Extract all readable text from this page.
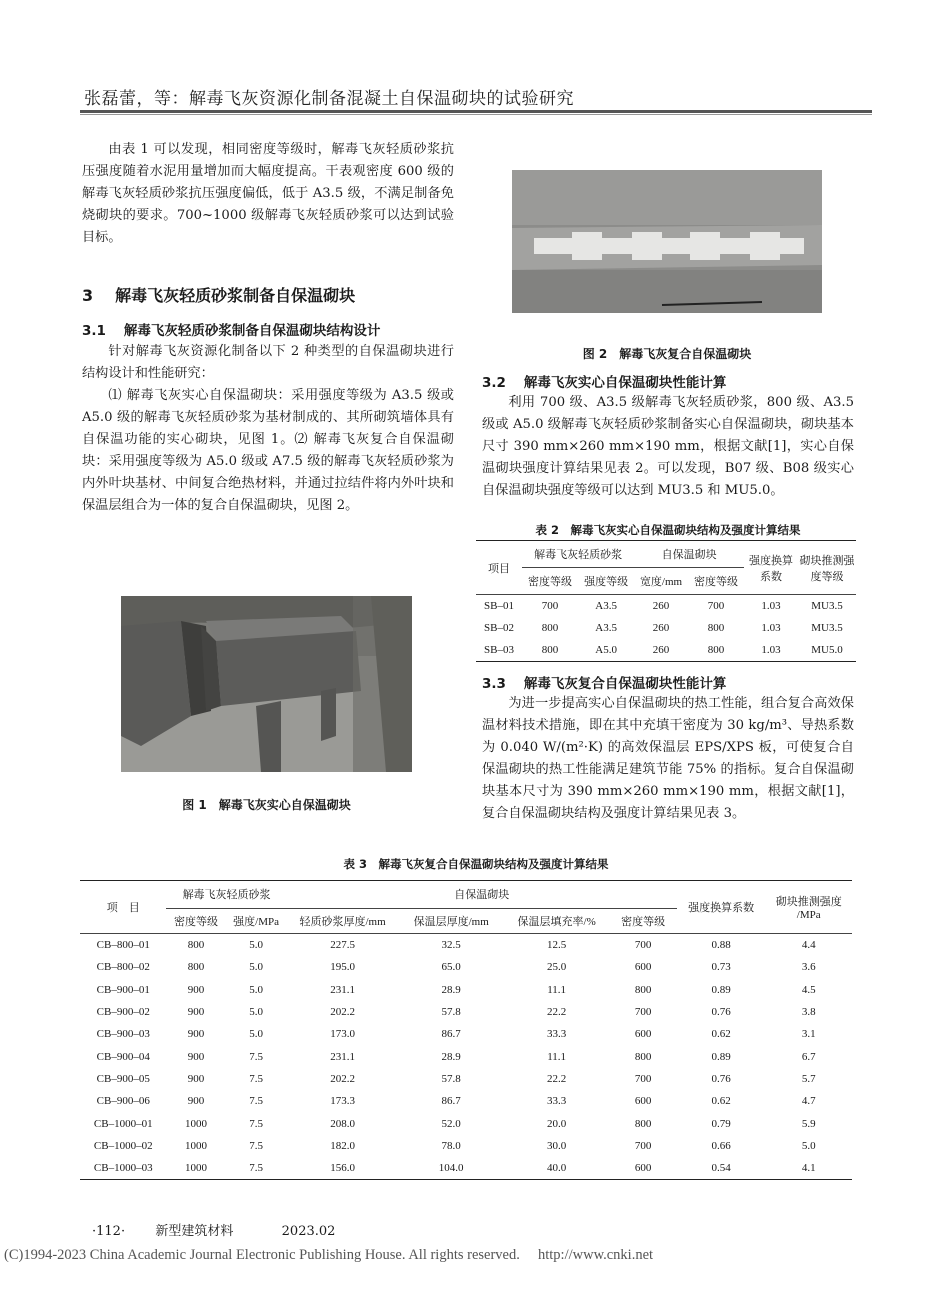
张磊蕾，等：解毒飞灰资源化制备混凝土自保温砌块的试验研究

由表 1 可以发现，相同密度等级时，解毒飞灰轻质砂浆抗压强度随着水泥用量增加而大幅度提高。干表观密度 600 级的解毒飞灰轻质砂浆抗压强度偏低，低于 A3.5 级，不满足制备免烧砌块的要求。700~1000 级解毒飞灰轻质砂浆可以达到试验目标。

3 解毒飞灰轻质砂浆制备自保温砌块
3.1 解毒飞灰轻质砂浆制备自保温砌块结构设计

针对解毒飞灰资源化制备以下 2 种类型的自保温砌块进行结构设计和性能研究：

⑴ 解毒飞灰实心自保温砌块：采用强度等级为 A3.5 级或 A5.0 级的解毒飞灰轻质砂浆为基材制成的、其所砌筑墙体具有自保温功能的实心砌块，见图 1。⑵ 解毒飞灰复合自保温砌块：采用强度等级为 A5.0 级或 A7.5 级的解毒飞灰轻质砂浆为内外叶块基材、中间复合绝热材料，并通过拉结件将内外叶块和保温层组合为一体的复合自保温砌块，见图 2。

图 1　解毒飞灰实心自保温砌块
图 2　解毒飞灰复合自保温砌块
3.2 解毒飞灰实心自保温砌块性能计算

利用 700 级、A3.5 级解毒飞灰轻质砂浆，800 级、A3.5 级或 A5.0 级解毒飞灰轻质砂浆制备实心自保温砌块，砌块基本尺寸 390 mm×260 mm×190 mm，根据文献[1]，实心自保温砌块强度计算结果见表 2。可以发现，B07 级、B08 级实心自保温砌块强度等级可以达到 MU3.5 和 MU5.0。

表 2　解毒飞灰实心自保温砌块结构及强度计算结果
项目	解毒飞灰轻质砂浆		自保温砌块		强度换算系数	砌块推测强度等级
	密度等级	强度等级	宽度/mm	密度等级		
SB–01	700	A3.5	260	700	1.03	MU3.5
SB–02	800	A3.5	260	800	1.03	MU3.5
SB–03	800	A5.0	260	800	1.03	MU5.0
3.3 解毒飞灰复合自保温砌块性能计算

为进一步提高实心自保温砌块的热工性能，组合复合高效保温材料技术措施，即在其中充填干密度为 30 kg/m³、导热系数为 0.040 W/(m²·K) 的高效保温层 EPS/XPS 板，可使复合自保温砌块的热工性能满足建筑节能 75% 的指标。复合自保温砌块基本尺寸为 390 mm×260 mm×190 mm，根据文献[1]，复合自保温砌块结构及强度计算结果见表 3。

表 3　解毒飞灰复合自保温砌块结构及强度计算结果
项　目	解毒飞灰轻质砂浆		自保温砌块				强度换算系数	砌块推测强度 /MPa
	密度等级	强度/MPa	轻质砂浆厚度/mm	保温层厚度/mm	保温层填充率/%	密度等级		
CB–800–01	800	5.0	227.5	32.5	12.5	700	0.88	4.4
CB–800–02	800	5.0	195.0	65.0	25.0	600	0.73	3.6
CB–900–01	900	5.0	231.1	28.9	11.1	800	0.89	4.5
CB–900–02	900	5.0	202.2	57.8	22.2	700	0.76	3.8
CB–900–03	900	5.0	173.0	86.7	33.3	600	0.62	3.1
CB–900–04	900	7.5	231.1	28.9	11.1	800	0.89	6.7
CB–900–05	900	7.5	202.2	57.8	22.2	700	0.76	5.7
CB–900–06	900	7.5	173.3	86.7	33.3	600	0.62	4.7
CB–1000–01	1000	7.5	208.0	52.0	20.0	800	0.79	5.9
CB–1000–02	1000	7.5	182.0	78.0	30.0	700	0.66	5.0
CB–1000–03	1000	7.5	156.0	104.0	40.0	600	0.54	4.1
·112· 新型建筑材料	2023.02
(C)1994-2023 China Academic Journal Electronic Publishing House. All rights reserved.　 http://www.cnki.net
